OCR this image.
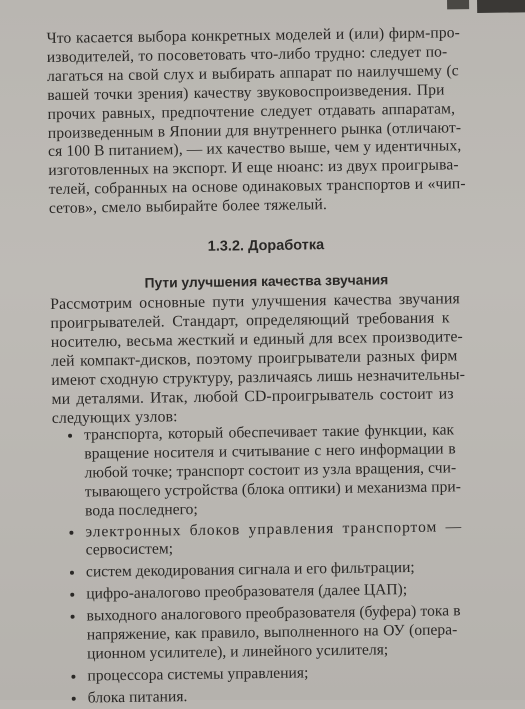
Что касается выбора конкретных моделей и (или) фирм-про-
изводителей, то посоветовать что-либо трудно: следует по-
лагаться на свой слух и выбирать аппарат по наилучшему (с
вашей точки зрения) качеству звуковоспроизведения. При
прочих равных, предпочтение следует отдавать аппаратам,
произведенным в Японии для внутреннего рынка (отличают-
ся 100 В питанием), — их качество выше, чем у идентичных,
изготовленных на экспорт. И еще нюанс: из двух проигрыва-
телей, собранных на основе одинаковых транспортов и «чип-
сетов», смело выбирайте более тяжелый.
1.3.2. Доработка
Пути улучшения качества звучания
Рассмотрим основные пути улучшения качества звучания
проигрывателей. Стандарт, определяющий требования к
носителю, весьма жесткий и единый для всех производите-
лей компакт-дисков, поэтому проигрыватели разных фирм
имеют сходную структуру, различаясь лишь незначительны-
ми деталями. Итак, любой CD-проигрыватель состоит из
следующих узлов:
транспорта, который обеспечивает такие функции, как
вращение носителя и считывание с него информации в
любой точке; транспорт состоит из узла вращения, счи-
тывающего устройства (блока оптики) и механизма при-
вода последнего;
электронных блоков управления транспортом —
сервосистем;
систем декодирования сигнала и его фильтрации;
цифро-аналогово преобразователя (далее ЦАП);
выходного аналогового преобразователя (буфера) тока в
напряжение, как правило, выполненного на ОУ (опера-
ционном усилителе), и линейного усилителя;
процессора системы управления;
блока питания.
